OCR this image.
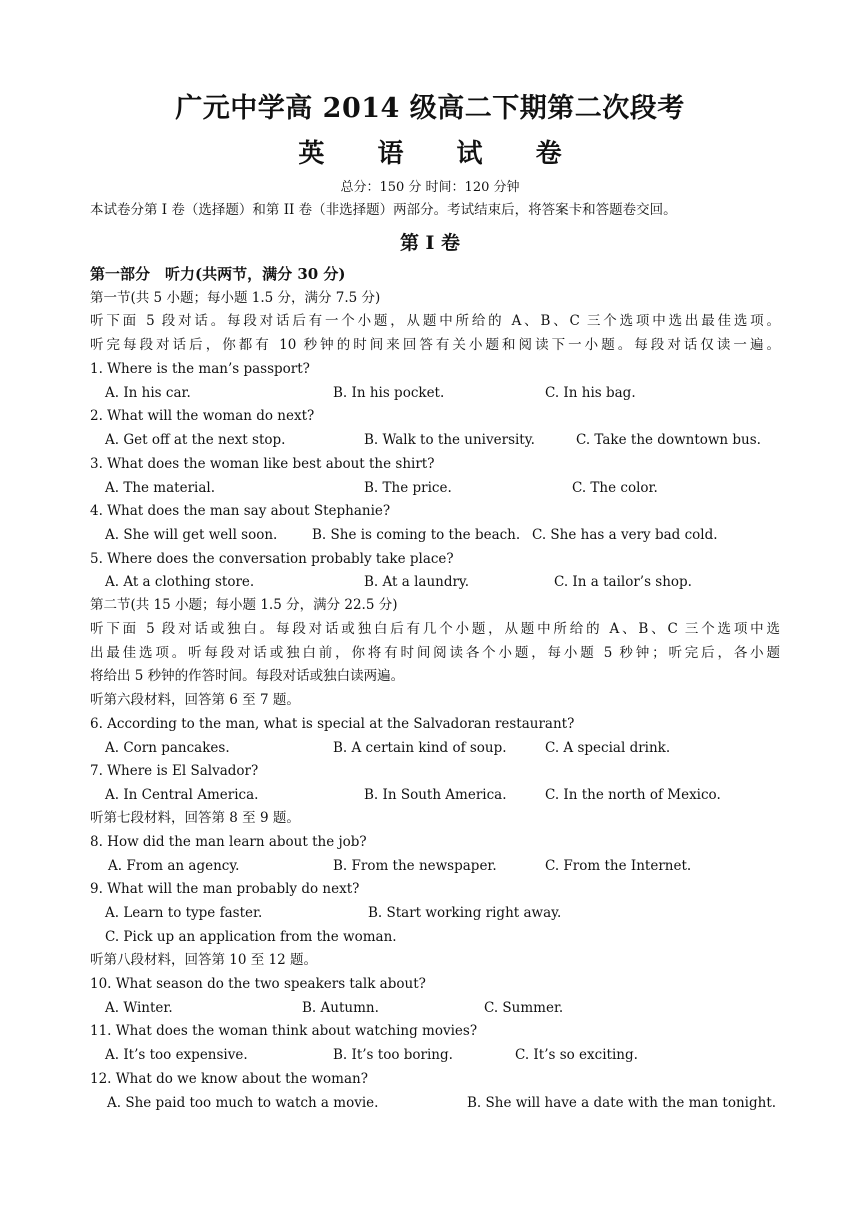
广元中学高 2014 级高二下期第二次段考
英 语 试 卷
总分：150 分 时间：120 分钟
本试卷分第 I 卷（选择题）和第 II 卷（非选择题）两部分。考试结束后，将答案卡和答题卷交回。
第 I 卷
第一部分　听力(共两节，满分 30 分)
第一节(共 5 小题；每小题 1.5 分，满分 7.5 分)
听下面 5 段对话。每段对话后有一个小题，从题中所给的 A、B、C 三个选项中选出最佳选项。
听完每段对话后，你都有 10 秒钟的时间来回答有关小题和阅读下一小题。每段对话仅读一遍。
1. Where is the man’s passport?
A. In his car.	B. In his pocket.	C. In his bag.
2. What will the woman do next?
A. Get off at the next stop.	B. Walk to the university.	C. Take the downtown bus.
3. What does the woman like best about the shirt?
A. The material.	B. The price.	C. The color.
4. What does the man say about Stephanie?
A. She will get well soon.	B. She is coming to the beach. C. She has a very bad cold.
5. Where does the conversation probably take place?
A. At a clothing store.	B. At a laundry.	C. In a tailor’s shop.
第二节(共 15 小题；每小题 1.5 分，满分 22.5 分)
听下面 5 段对话或独白。每段对话或独白后有几个小题，从题中所给的 A、B、C 三个选项中选
出最佳选项。听每段对话或独白前，你将有时间阅读各个小题，每小题 5 秒钟；听完后，各小题
将给出 5 秒钟的作答时间。每段对话或独白读两遍。
听第六段材料，回答第 6 至 7 题。
6. According to the man, what is special at the Salvadoran restaurant?
A. Corn pancakes.	B. A certain kind of soup.	C. A special drink.
7. Where is El Salvador?
A. In Central America.	B. In South America.	C. In the north of Mexico.
听第七段材料，回答第 8 至 9 题。
8. How did the man learn about the job?
A. From an agency.	B. From the newspaper.	C. From the Internet.
9. What will the man probably do next?
A. Learn to type faster.	B. Start working right away.
C. Pick up an application from the woman.
听第八段材料，回答第 10 至 12 题。
10. What season do the two speakers talk about?
A. Winter.	B. Autumn.	C. Summer.
11. What does the woman think about watching movies?
A. It’s too expensive.	B. It’s too boring.	C. It’s so exciting.
12. What do we know about the woman?
A. She paid too much to watch a movie.	B. She will have a date with the man tonight.
